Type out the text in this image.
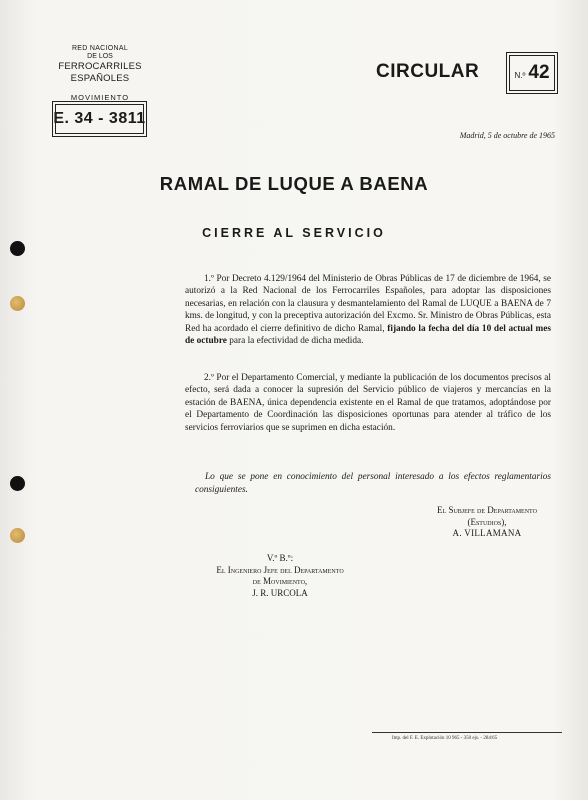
RED NACIONAL
DE LOS
FERROCARRILES ESPAÑOLES
MOVIMIENTO
E. 34 - 3811
CIRCULAR	N.º 42
Madrid, 5 de octubre de 1965
RAMAL DE LUQUE A BAENA
CIERRE AL SERVICIO
1.º Por Decreto 4.129/1964 del Ministerio de Obras Públicas de 17 de diciembre de 1964, se autorizó a la Red Nacional de los Ferrocarriles Españoles, para adoptar las disposiciones necesarias, en relación con la clausura y desmantelamiento del Ramal de LUQUE a BAENA de 7 kms. de longitud, y con la preceptiva autorización del Excmo. Sr. Ministro de Obras Públicas, esta Red ha acordado el cierre definitivo de dicho Ramal, fijando la fecha del día 10 del actual mes de octubre para la efectividad de dicha medida.
2.º Por el Departamento Comercial, y mediante la publicación de los documentos precisos al efecto, será dada a conocer la supresión del Servicio público de viajeros y mercancías en la estación de BAENA, única dependencia existente en el Ramal de que tratamos, adoptándose por el Departamento de Coordinación las disposiciones oportunas para atender al tráfico de los servicios ferroviarios que se suprimen en dicha estación.
Lo que se pone en conocimiento del personal interesado a los efectos reglamentarios consiguientes.
El Subjefe de Departamento
(Estudios),
A. VILLAMANA
V.º B.º:
El Ingeniero Jefe del Departamento
de Movimiento,
J. R. URCOLA
Imp. del F. E. Explotación 10 965 - 350 ejs. - 284/65
